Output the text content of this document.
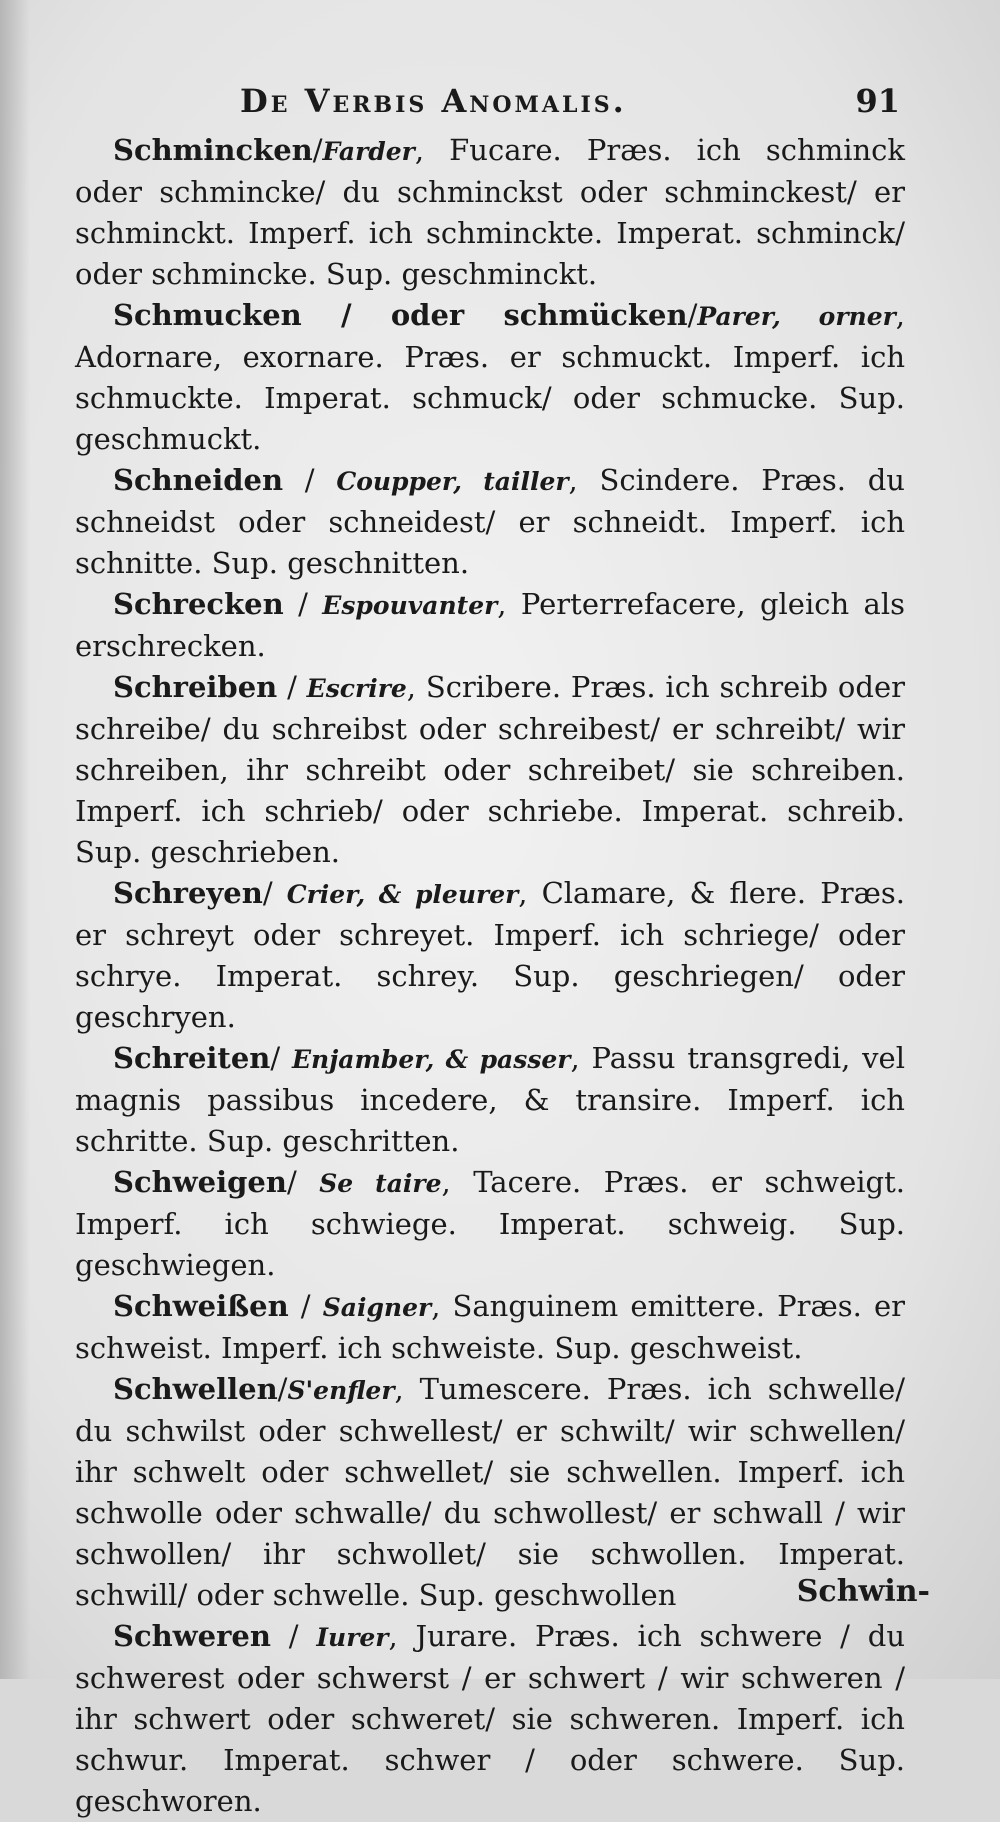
De Verbis Anomalis.	91

Schmincken/Farder, Fucare. Præs. ich schminck oder schmincke/ du schminckst oder schminckest/ er schminckt. Imperf. ich schminckte. Imperat. schminck/ oder schmincke. Sup. geschminckt.

Schmucken / oder schmücken/Parer, orner, Adornare, exornare. Præs. er schmuckt. Imperf. ich schmuckte. Imperat. schmuck/ oder schmucke. Sup. geschmuckt.

Schneiden / Coupper, tailler, Scindere. Præs. du schneidst oder schneidest/ er schneidt. Imperf. ich schnitte. Sup. geschnitten.

Schrecken / Espouvanter, Perterrefacere, gleich als erschrecken.

Schreiben / Escrire, Scribere. Præs. ich schreib oder schreibe/ du schreibst oder schreibest/ er schreibt/ wir schreiben, ihr schreibt oder schreibet/ sie schreiben. Imperf. ich schrieb/ oder schriebe. Imperat. schreib. Sup. geschrieben.

Schreyen/ Crier, & pleurer, Clamare, & flere. Præs. er schreyt oder schreyet. Imperf. ich schriege/ oder schrye. Imperat. schrey. Sup. geschriegen/ oder geschryen.

Schreiten/ Enjamber, & passer, Passu transgredi, vel magnis passibus incedere, & transire. Imperf. ich schritte. Sup. geschritten.

Schweigen/ Se taire, Tacere. Præs. er schweigt. Imperf. ich schwiege. Imperat. schweig. Sup. geschwiegen.

Schweißen / Saigner, Sanguinem emittere. Præs. er schweist. Imperf. ich schweiste. Sup. geschweist.

Schwellen/S'enfler, Tumescere. Præs. ich schwelle/ du schwilst oder schwellest/ er schwilt/ wir schwellen/ ihr schwelt oder schwellet/ sie schwellen. Imperf. ich schwolle oder schwalle/ du schwollest/ er schwall / wir schwollen/ ihr schwollet/ sie schwollen. Imperat. schwill/ oder schwelle. Sup. geschwollen

Schweren / Iurer, Jurare. Præs. ich schwere / du schwerest oder schwerst / er schwert / wir schweren / ihr schwert oder schweret/ sie schweren. Imperf. ich schwur. Imperat. schwer / oder schwere. Sup. geschworen.

Schwin-
